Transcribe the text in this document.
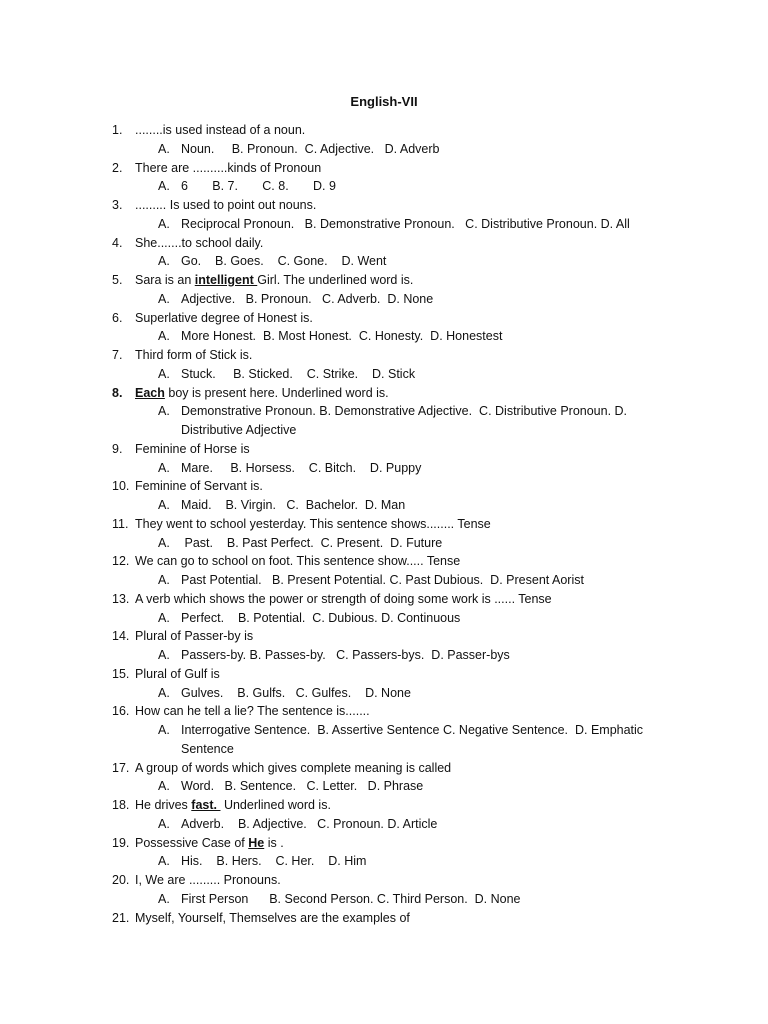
English-VII
1.	........is used instead of a noun.
A. Noun.     B. Pronoun.  C. Adjective.   D. Adverb
2.	There are ..........kinds of Pronoun
A. 6       B. 7.       C. 8.       D. 9
3.	......... Is used to point out nouns.
A. Reciprocal Pronoun.   B. Demonstrative Pronoun.   C. Distributive Pronoun. D. All
4.	She.......to school daily.
A. Go.    B. Goes.    C. Gone.    D. Went
5.	Sara is an intelligent Girl. The underlined word is.
A. Adjective.   B. Pronoun.   C. Adverb.  D. None
6.	Superlative degree of Honest is.
A. More Honest.  B. Most Honest.  C. Honesty.  D. Honestest
7.	Third form of Stick is.
A. Stuck.     B. Sticked.    C. Strike.    D. Stick
8.	Each boy is present here. Underlined word is.
A. Demonstrative Pronoun. B. Demonstrative Adjective.  C. Distributive Pronoun. D. Distributive Adjective
9.	Feminine of Horse is
A. Mare.     B. Horsess.    C. Bitch.    D. Puppy
10. Feminine of Servant is.
A. Maid.    B. Virgin.   C.  Bachelor.  D. Man
11. They went to school yesterday. This sentence shows........ Tense
A. Past.    B. Past Perfect.  C. Present.  D. Future
12. We can go to school on foot. This sentence show..... Tense
A. Past Potential.   B. Present Potential. C. Past Dubious.  D. Present Aorist
13. A verb which shows the power or strength of doing some work is ...... Tense
A. Perfect.    B. Potential.  C. Dubious. D. Continuous
14. Plural of Passer-by is
A. Passers-by. B. Passes-by.   C. Passers-bys.  D. Passer-bys
15. Plural of Gulf is
A. Gulves.    B. Gulfs.   C. Gulfes.    D. None
16. How can he tell a lie? The sentence is.......
A. Interrogative Sentence.  B. Assertive Sentence C. Negative Sentence.  D. Emphatic Sentence
17. A group of words which gives complete meaning is called
A. Word.   B. Sentence.   C. Letter.   D. Phrase
18. He drives fast.  Underlined word is.
A. Adverb.    B. Adjective.   C. Pronoun. D. Article
19. Possessive Case of He is .
A. His.    B. Hers.    C. Her.    D. Him
20. I, We are ......... Pronouns.
A. First Person      B. Second Person. C. Third Person.  D. None
21. Myself, Yourself, Themselves are the examples of
